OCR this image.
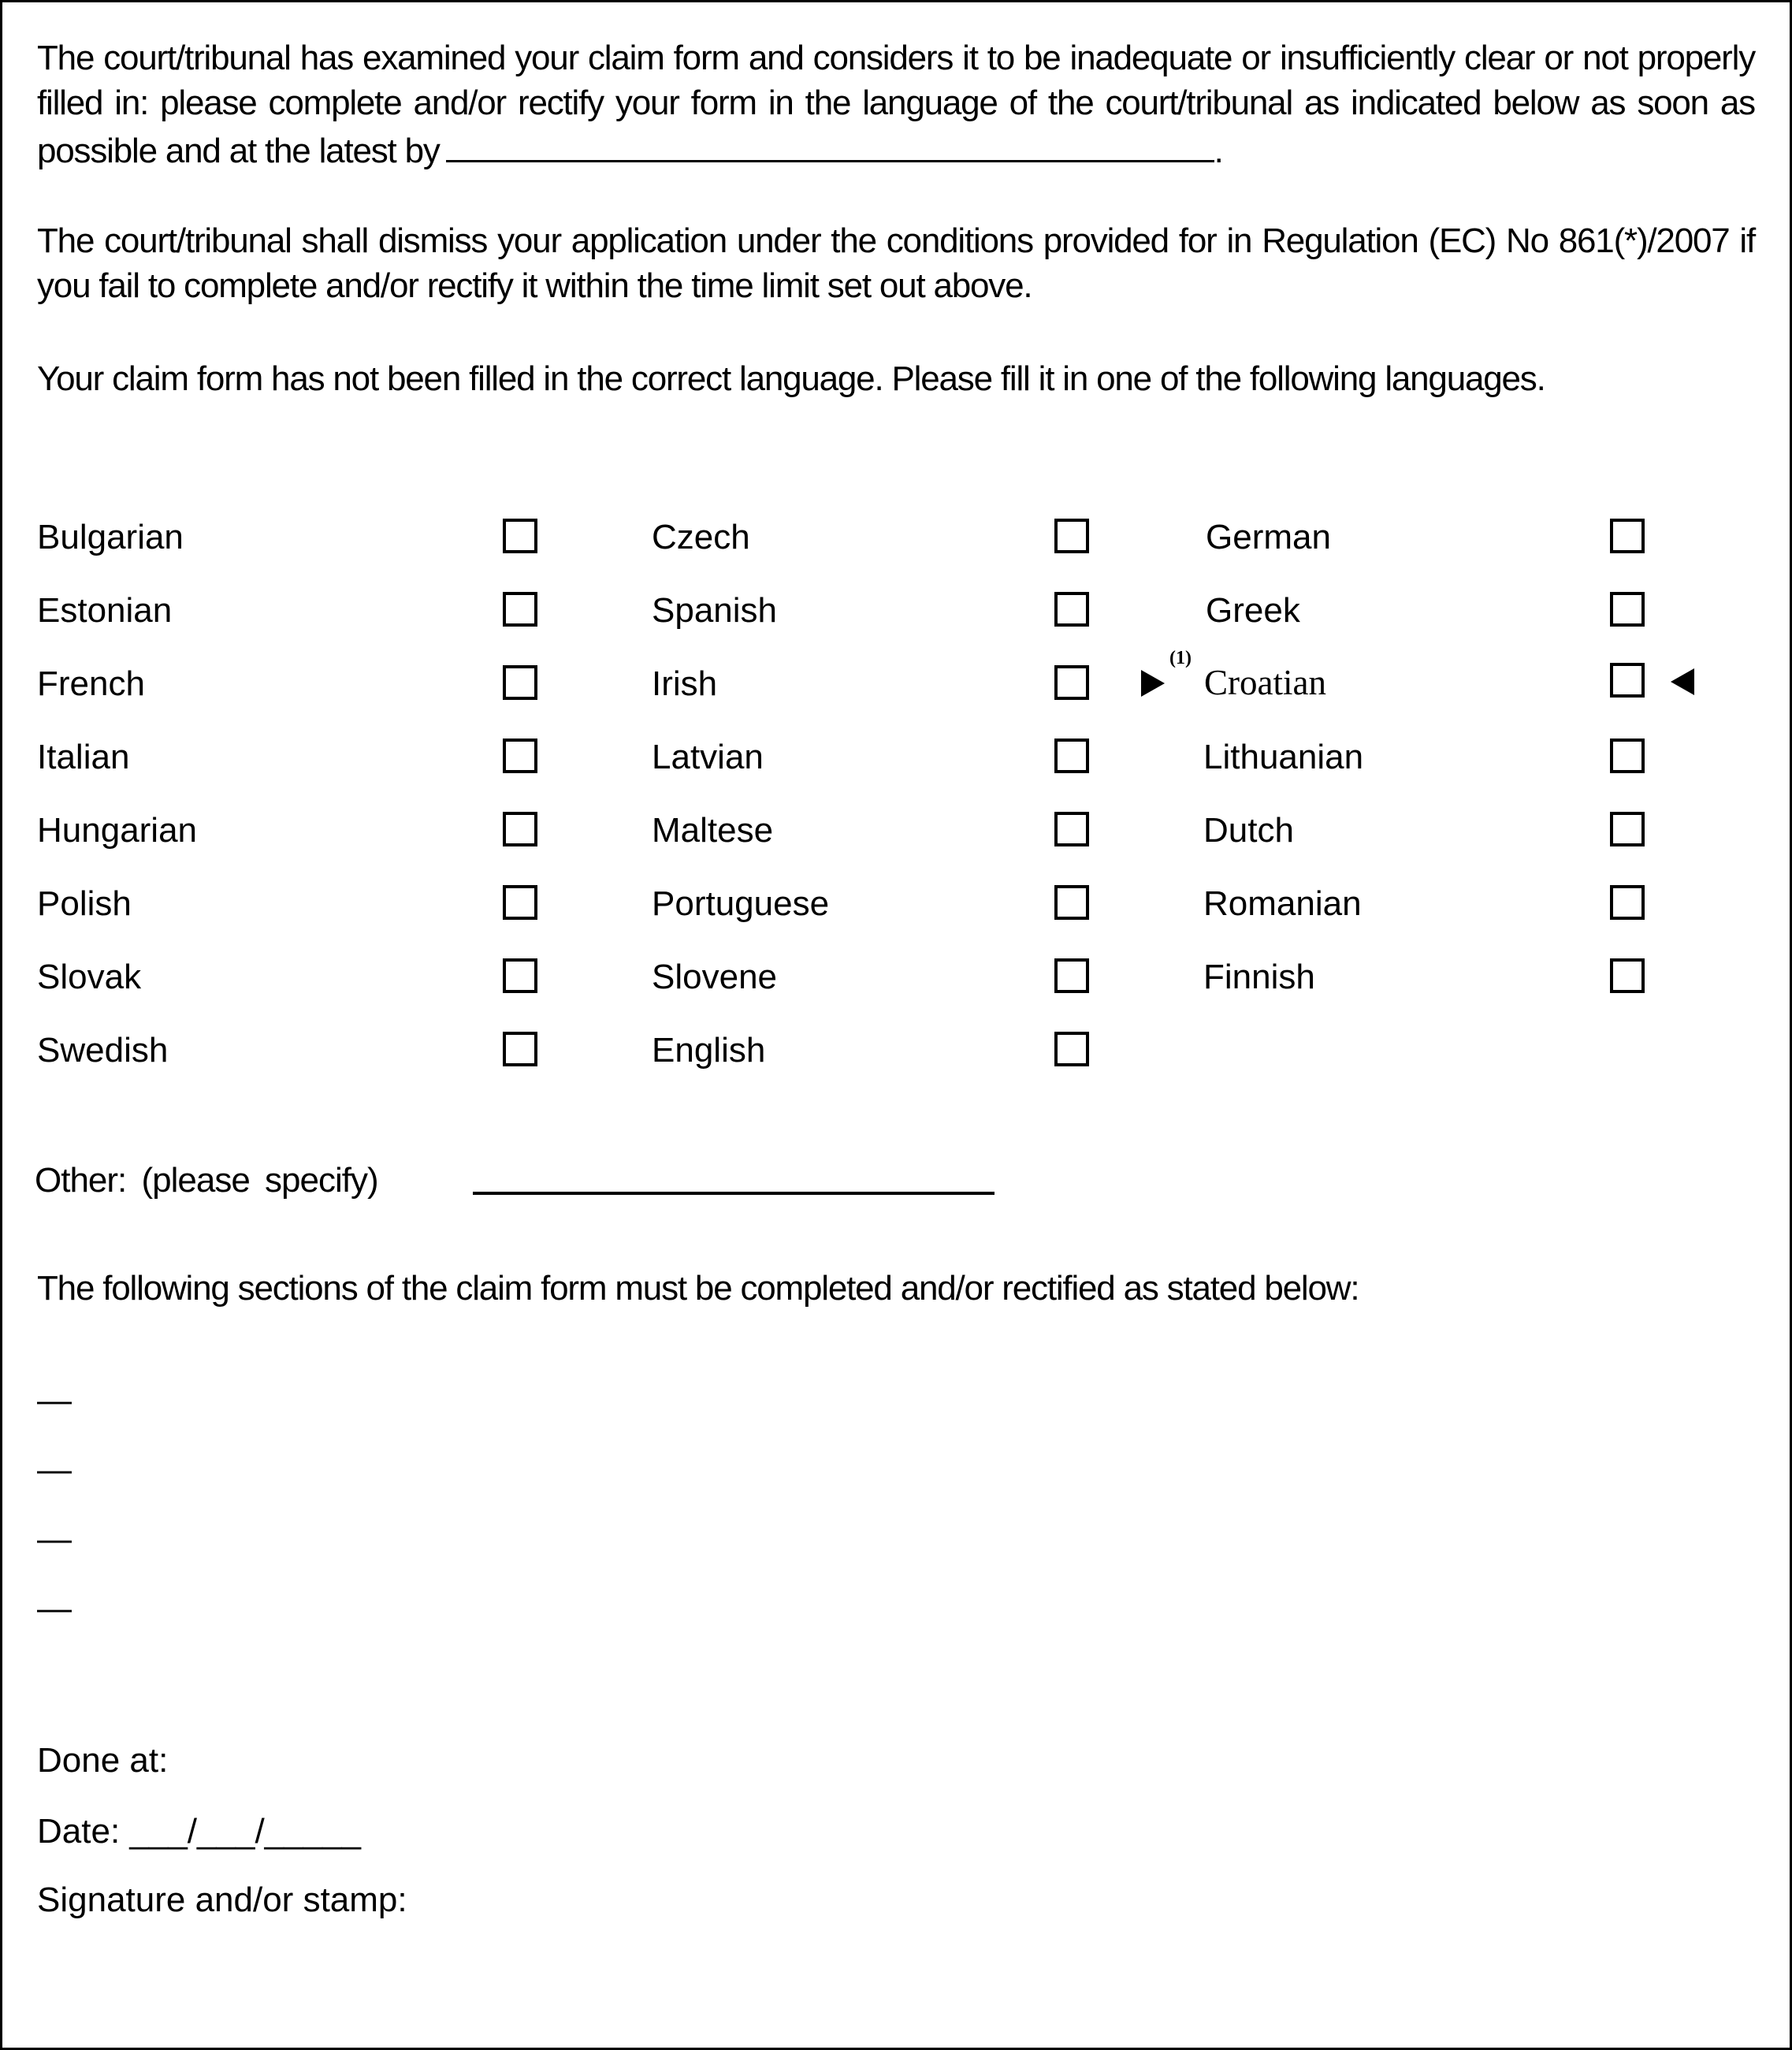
The court/tribunal has examined your claim form and considers it to be inadequate or insufficiently clear or not properly filled in: please complete and/or rectify your form in the language of the court/tribunal as indicated below as soon as possible and at the latest by	.
The court/tribunal shall dismiss your application under the conditions provided for in Regulation (EC) No 861(*)/2007 if you fail to complete and/or rectify it within the time limit set out above.
Your claim form has not been filled in the correct language. Please fill it in one of the following languages.
Bulgarian
Estonian
French
Italian
Hungarian
Polish
Slovak
Swedish
Czech
Spanish
Irish
Latvian
Maltese
Portuguese
Slovene
English
German
Greek
(1)
Croatian
Lithuanian
Dutch
Romanian
Finnish
Other: (please specify)
The following sections of the claim form must be completed and/or rectified as stated below:
—
—
—
—
Done at:
Date: ___/___/_____
Signature and/or stamp:
